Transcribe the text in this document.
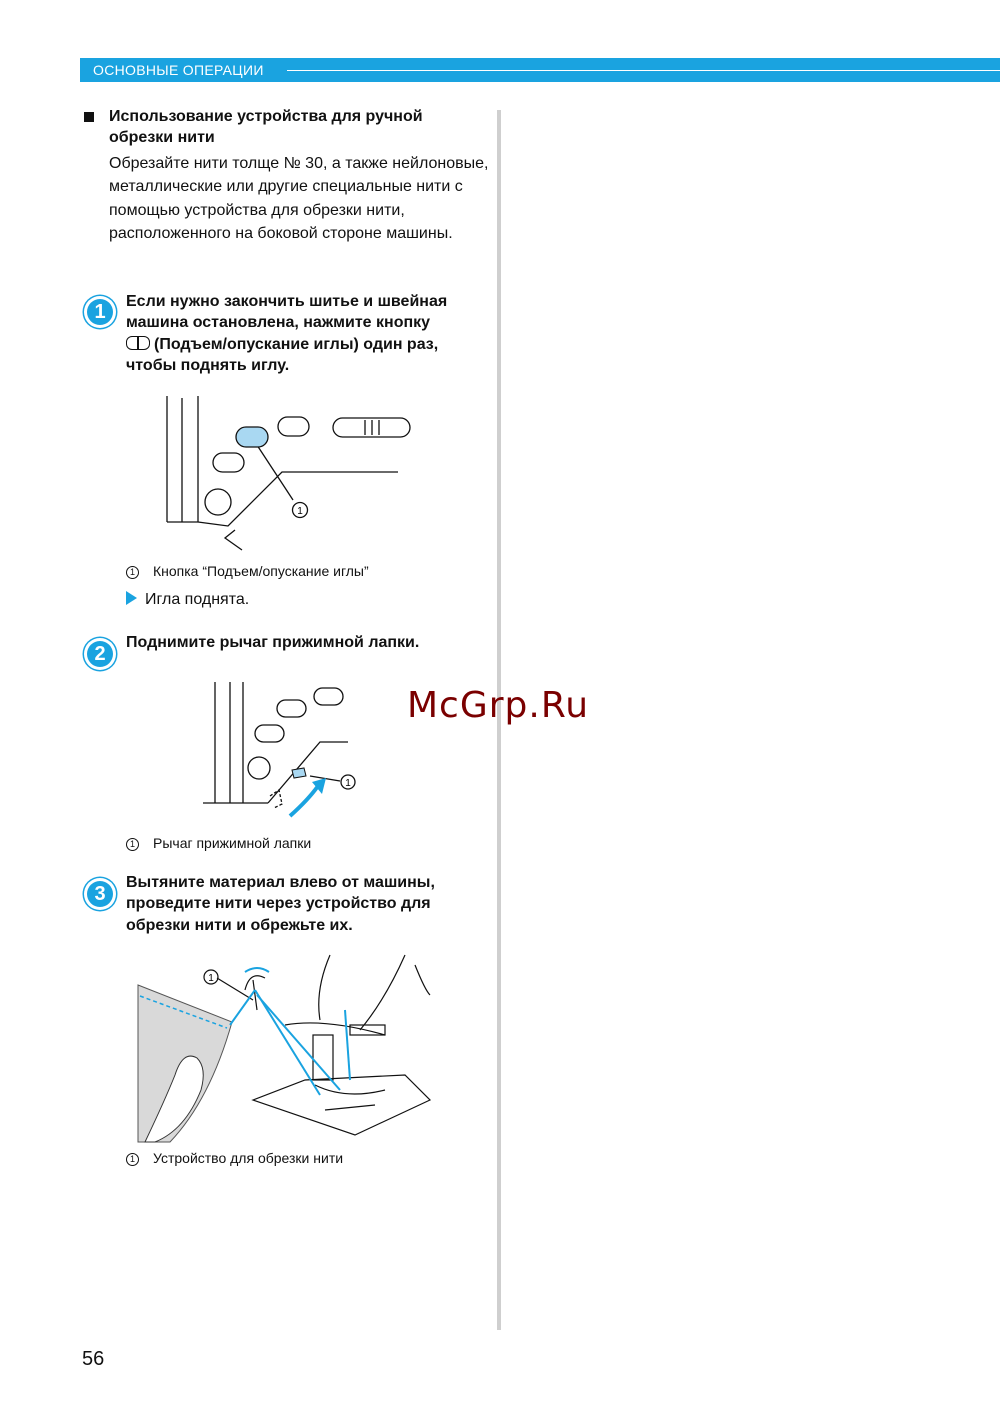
ОСНОВНЫЕ ОПЕРАЦИИ
Использование устройства для ручной обрезки нити
Обрезайте нити толще № 30, а также нейлоновые, металлические или другие специальные нити с помощью устройства для обрезки нити, расположенного на боковой стороне машины.
1	Если нужно закончить шитье и швейная машина остановлена, нажмите кнопку
(Подъем/опускание иглы) один раз, чтобы поднять иглу.
1
1 Кнопка “Подъем/опускание иглы”
Игла поднята.
2	Поднимите рычаг прижимной лапки.
1
1 Рычаг прижимной лапки
3	Вытяните материал влево от машины, проведите нити через устройство для обрезки нити и обрежьте их.
1
1 Устройство для обрезки нити
McGrp.Ru
56
